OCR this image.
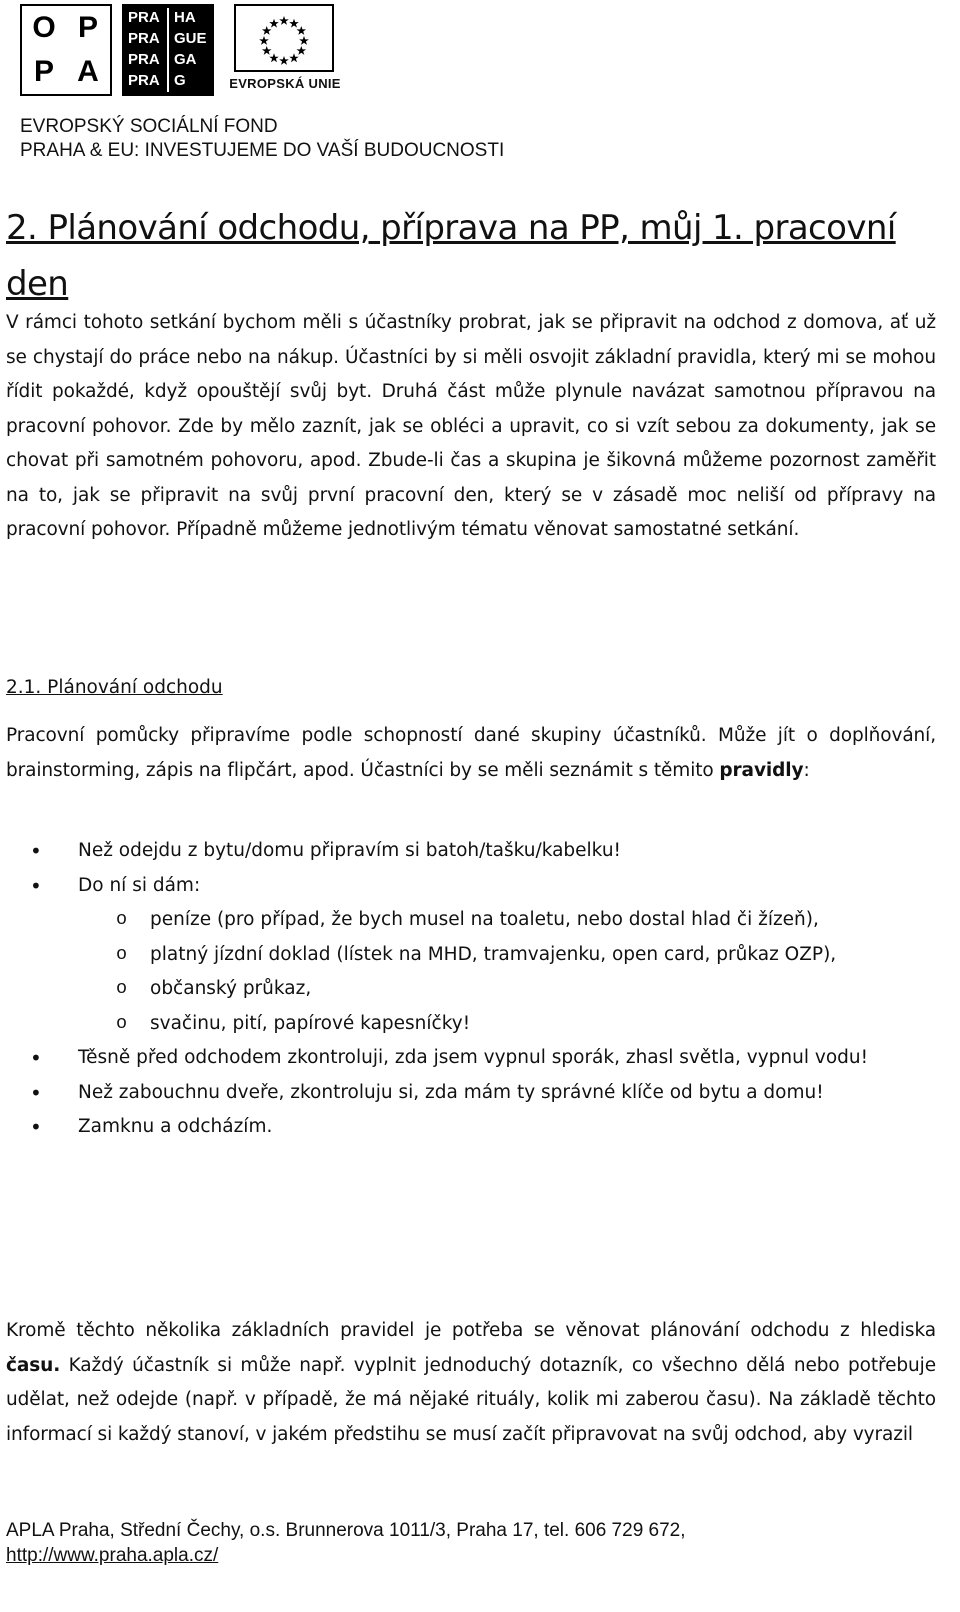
O P
P A
PRA HA
PRA GUE
PRA GA
PRA G	EVROPSKÁ UNIE
EVROPSKÝ SOCIÁLNÍ FOND
PRAHA & EU: INVESTUJEME DO VAŠÍ BUDOUCNOSTI
2. Plánování odchodu, příprava na PP, můj 1. pracovní den

V rámci tohoto setkání bychom měli s účastníky probrat, jak se připravit na odchod z domova, ať už se chystají do práce nebo na nákup. Účastníci by si měli osvojit základní pravidla, který mi se mohou řídit pokaždé, když opouštějí svůj byt. Druhá část může plynule navázat samotnou přípravou na pracovní pohovor. Zde by mělo zaznít, jak se obléci a upravit, co si vzít sebou za dokumenty, jak se chovat při samotném pohovoru, apod. Zbude-li čas a skupina je šikovná můžeme pozornost zaměřit na to, jak se připravit na svůj první pracovní den, který se v zásadě moc neliší od přípravy na pracovní pohovor. Případně můžeme jednotlivým tématu věnovat samostatné setkání.

2.1. Plánování odchodu

Pracovní pomůcky připravíme podle schopností dané skupiny účastníků. Může jít o doplňování, brainstorming, zápis na flipčárt, apod. Účastníci by se měli seznámit s těmito pravidly:

• Než odejdu z bytu/domu připravím si batoh/tašku/kabelku!
• Do ní si dám:
o peníze (pro případ, že bych musel na toaletu, nebo dostal hlad či žízeň),
o platný jízdní doklad (lístek na MHD, tramvajenku, open card, průkaz OZP),
o občanský průkaz,
o svačinu, pití, papírové kapesníčky!
• Těsně před odchodem zkontroluji, zda jsem vypnul sporák, zhasl světla, vypnul vodu!
• Než zabouchnu dveře, zkontroluju si, zda mám ty správné klíče od bytu a domu!
• Zamknu a odcházím.

Kromě těchto několika základních pravidel je potřeba se věnovat plánování odchodu z hlediska času. Každý účastník si může např. vyplnit jednoduchý dotazník, co všechno dělá nebo potřebuje udělat, než odejde (např. v případě, že má nějaké rituály, kolik mi zaberou času). Na základě těchto informací si každý stanoví, v jakém předstihu se musí začít připravovat na svůj odchod, aby vyrazil

APLA Praha, Střední Čechy, o.s. Brunnerova 1011/3, Praha 17, tel. 606 729 672,
http://www.praha.apla.cz/
